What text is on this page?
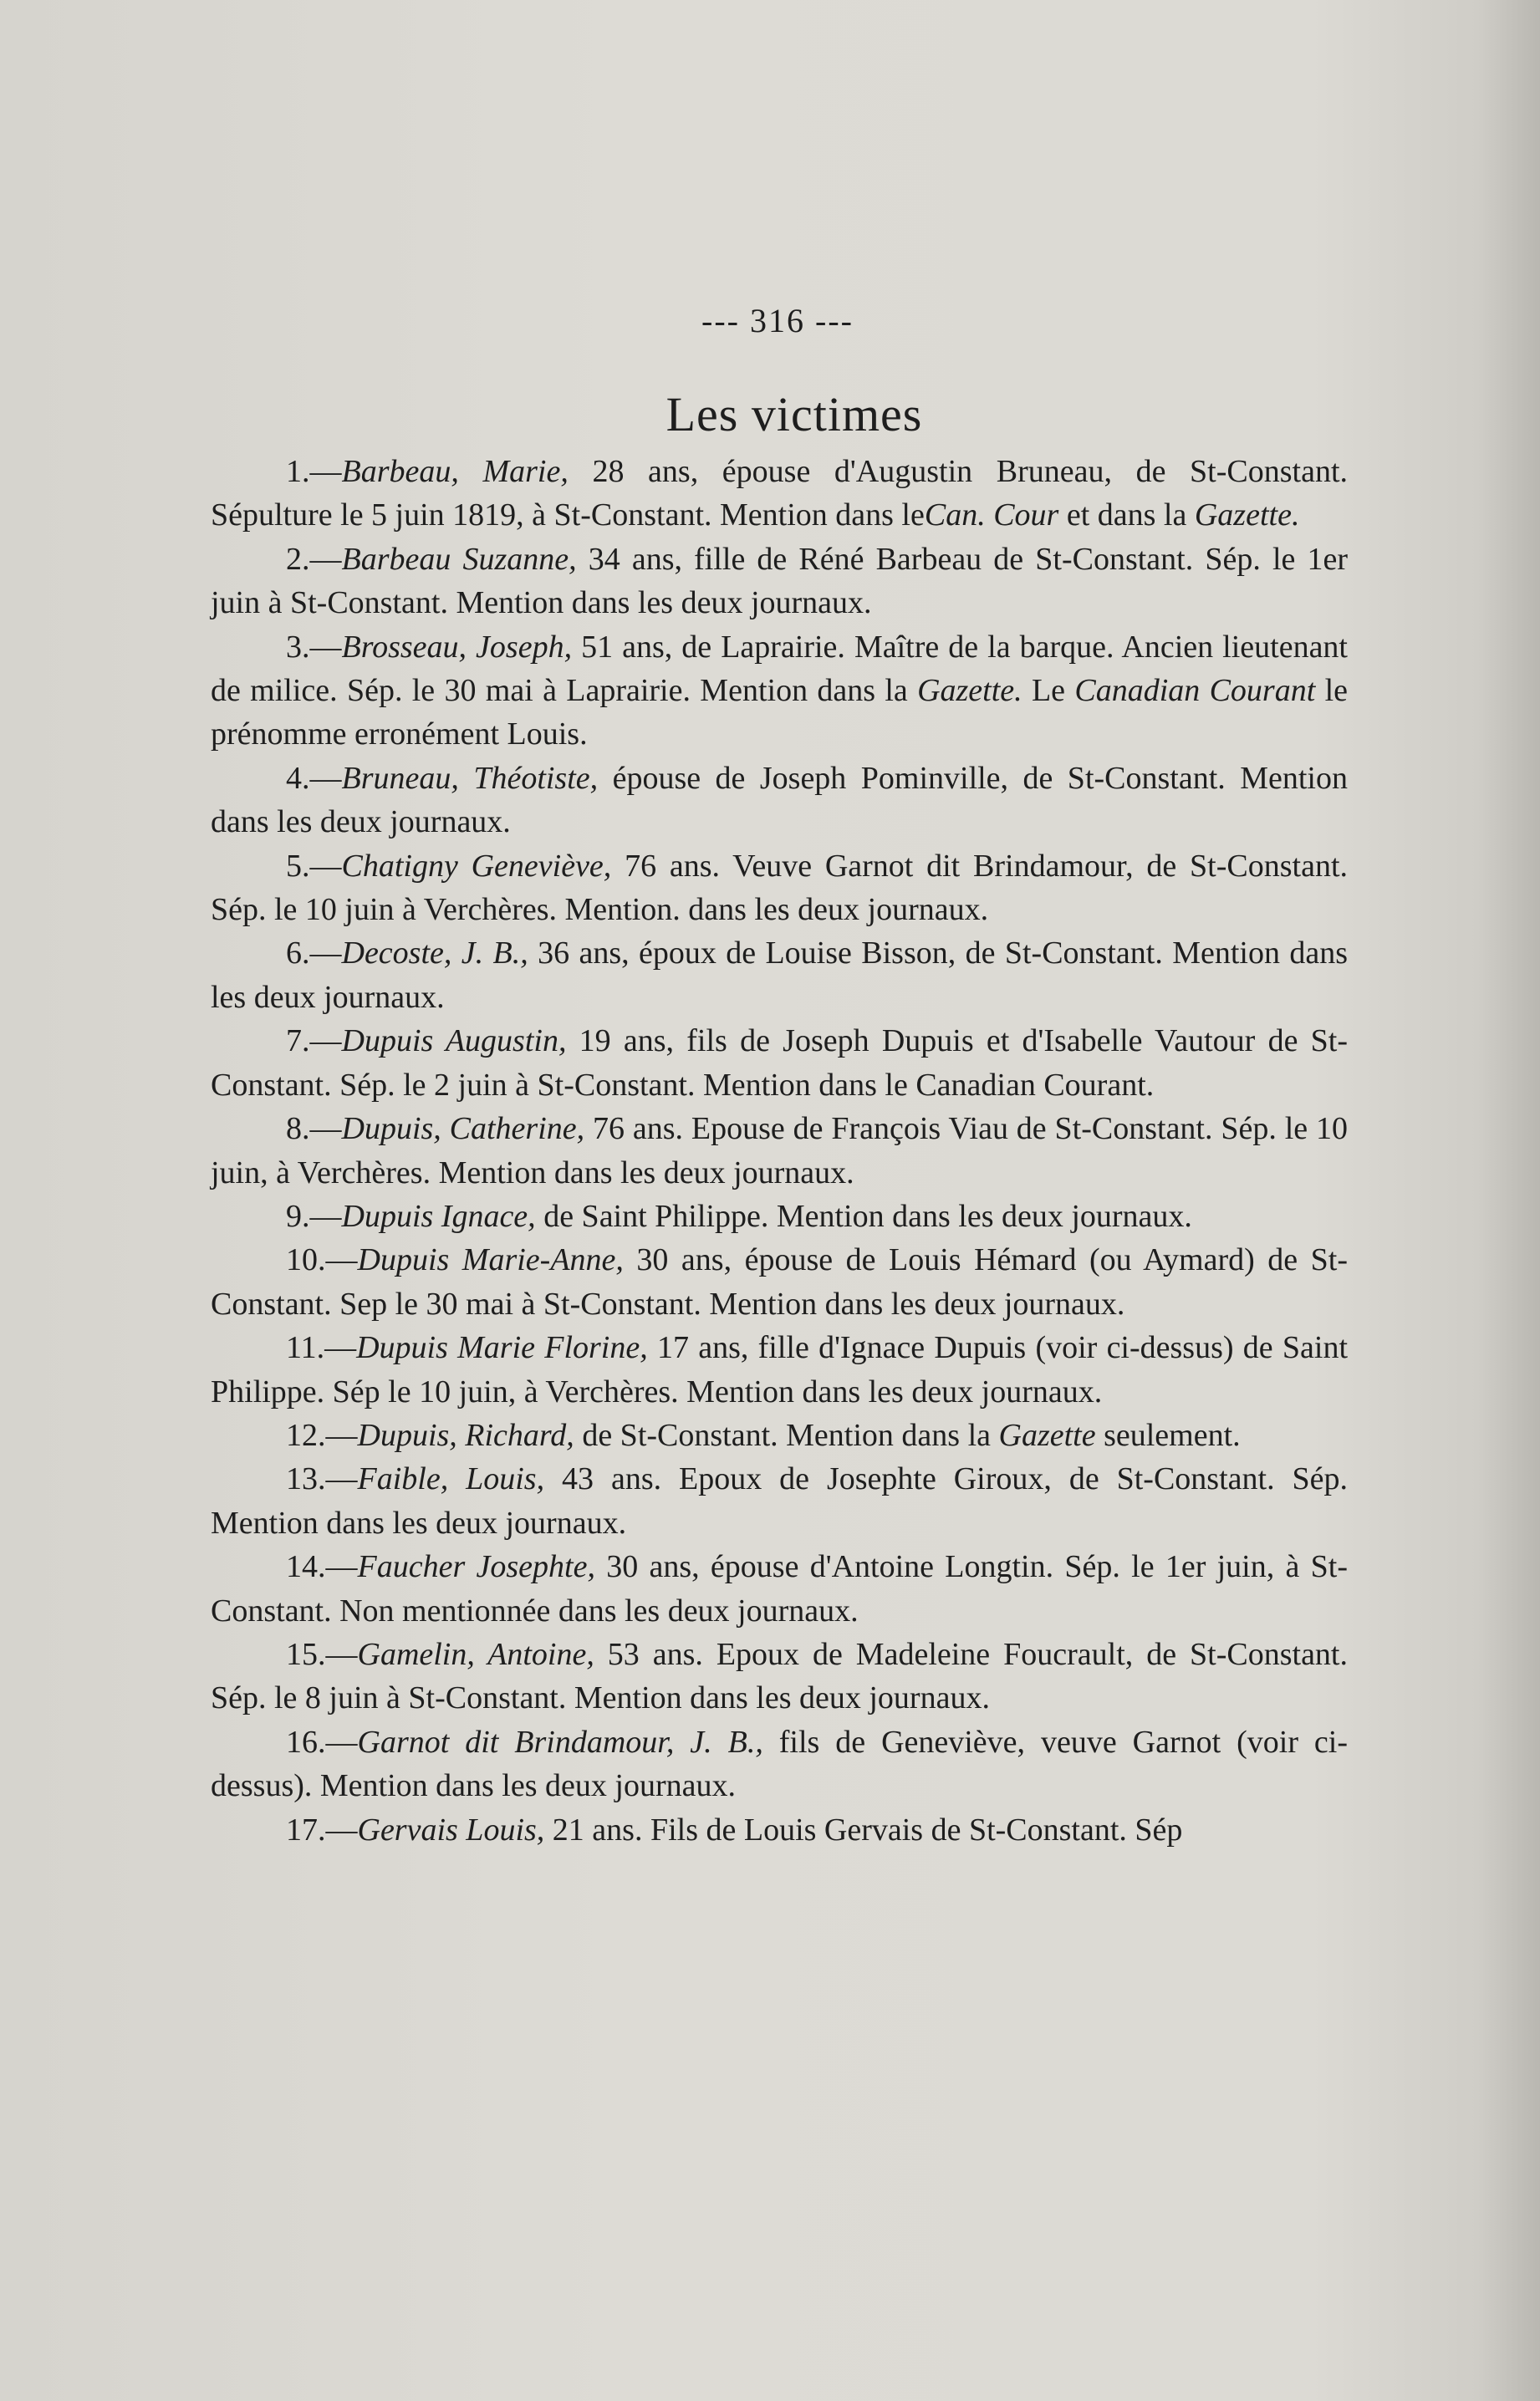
--- 316 ---
Les victimes

1.—Barbeau, Marie, 28 ans, épouse d'Augustin Bruneau, de St-Constant. Sépulture le 5 juin 1819, à St-Constant. Mention dans leCan. Cour et dans la Gazette.

2.—Barbeau Suzanne, 34 ans, fille de Réné Barbeau de St-Constant. Sép. le 1er juin à St-Constant. Mention dans les deux journaux.

3.—Brosseau, Joseph, 51 ans, de Laprairie. Maître de la barque. Ancien lieutenant de milice. Sép. le 30 mai à Laprairie. Mention dans la Gazette. Le Canadian Courant le prénomme erronément Louis.

4.—Bruneau, Théotiste, épouse de Joseph Pominville, de St-Constant. Mention dans les deux journaux.

5.—Chatigny Geneviève, 76 ans. Veuve Garnot dit Brindamour, de St-Constant. Sép. le 10 juin à Verchères. Mention. dans les deux journaux.

6.—Decoste, J. B., 36 ans, époux de Louise Bisson, de St-Constant. Mention dans les deux journaux.

7.—Dupuis Augustin, 19 ans, fils de Joseph Dupuis et d'Isabelle Vautour de St-Constant. Sép. le 2 juin à St-Constant. Mention dans le Canadian Courant.

8.—Dupuis, Catherine, 76 ans. Epouse de François Viau de St-Constant. Sép. le 10 juin, à Verchères. Mention dans les deux journaux.

9.—Dupuis Ignace, de Saint Philippe. Mention dans les deux journaux.

10.—Dupuis Marie-Anne, 30 ans, épouse de Louis Hémard (ou Aymard) de St-Constant. Sep le 30 mai à St-Constant. Mention dans les deux journaux.

11.—Dupuis Marie Florine, 17 ans, fille d'Ignace Dupuis (voir ci-dessus) de Saint Philippe. Sép le 10 juin, à Verchères. Mention dans les deux journaux.

12.—Dupuis, Richard, de St-Constant. Mention dans la Gazette seulement.

13.—Faible, Louis, 43 ans. Epoux de Josephte Giroux, de St-Constant. Sép. Mention dans les deux journaux.

14.—Faucher Josephte, 30 ans, épouse d'Antoine Longtin. Sép. le 1er juin, à St-Constant. Non mentionnée dans les deux journaux.

15.—Gamelin, Antoine, 53 ans. Epoux de Madeleine Foucrault, de St-Constant. Sép. le 8 juin à St-Constant. Mention dans les deux journaux.

16.—Garnot dit Brindamour, J. B., fils de Geneviève, veuve Garnot (voir ci-dessus). Mention dans les deux journaux.

17.—Gervais Louis, 21 ans. Fils de Louis Gervais de St-Constant. Sép
